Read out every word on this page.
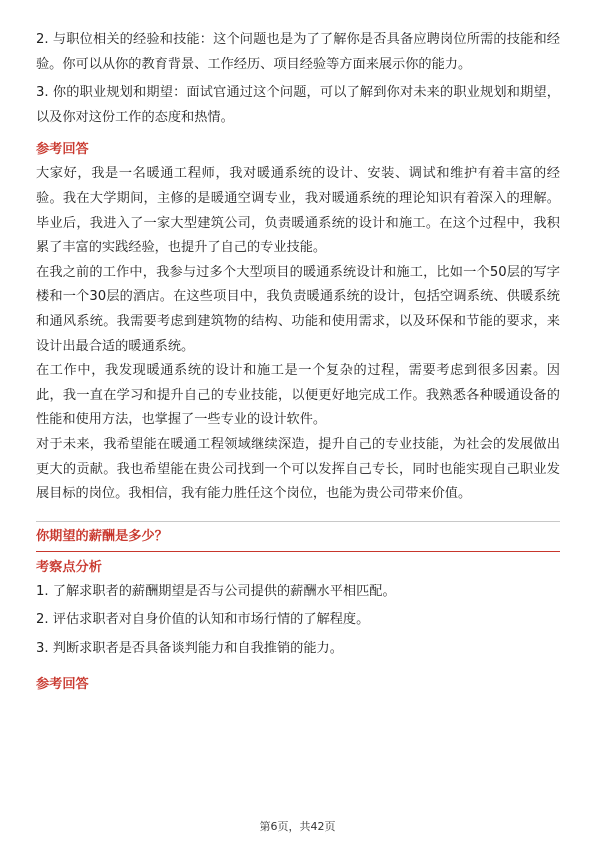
2. 与职位相关的经验和技能：这个问题也是为了了解你是否具备应聘岗位所需的技能和经验。你可以从你的教育背景、工作经历、项目经验等方面来展示你的能力。

3. 你的职业规划和期望：面试官通过这个问题，可以了解到你对未来的职业规划和期望，以及你对这份工作的态度和热情。

参考回答

大家好，我是一名暖通工程师，我对暖通系统的设计、安装、调试和维护有着丰富的经验。我在大学期间，主修的是暖通空调专业，我对暖通系统的理论知识有着深入的理解。毕业后，我进入了一家大型建筑公司，负责暖通系统的设计和施工。在这个过程中，我积累了丰富的实践经验，也提升了自己的专业技能。

在我之前的工作中，我参与过多个大型项目的暖通系统设计和施工，比如一个50层的写字楼和一个30层的酒店。在这些项目中，我负责暖通系统的设计，包括空调系统、供暖系统和通风系统。我需要考虑到建筑物的结构、功能和使用需求，以及环保和节能的要求，来设计出最合适的暖通系统。

在工作中，我发现暖通系统的设计和施工是一个复杂的过程，需要考虑到很多因素。因此，我一直在学习和提升自己的专业技能，以便更好地完成工作。我熟悉各种暖通设备的性能和使用方法，也掌握了一些专业的设计软件。

对于未来，我希望能在暖通工程领域继续深造，提升自己的专业技能，为社会的发展做出更大的贡献。我也希望能在贵公司找到一个可以发挥自己专长，同时也能实现自己职业发展目标的岗位。我相信，我有能力胜任这个岗位，也能为贵公司带来价值。

你期望的薪酬是多少？

考察点分析

1. 了解求职者的薪酬期望是否与公司提供的薪酬水平相匹配。

2. 评估求职者对自身价值的认知和市场行情的了解程度。

3. 判断求职者是否具备谈判能力和自我推销的能力。

参考回答

第6页，共42页
